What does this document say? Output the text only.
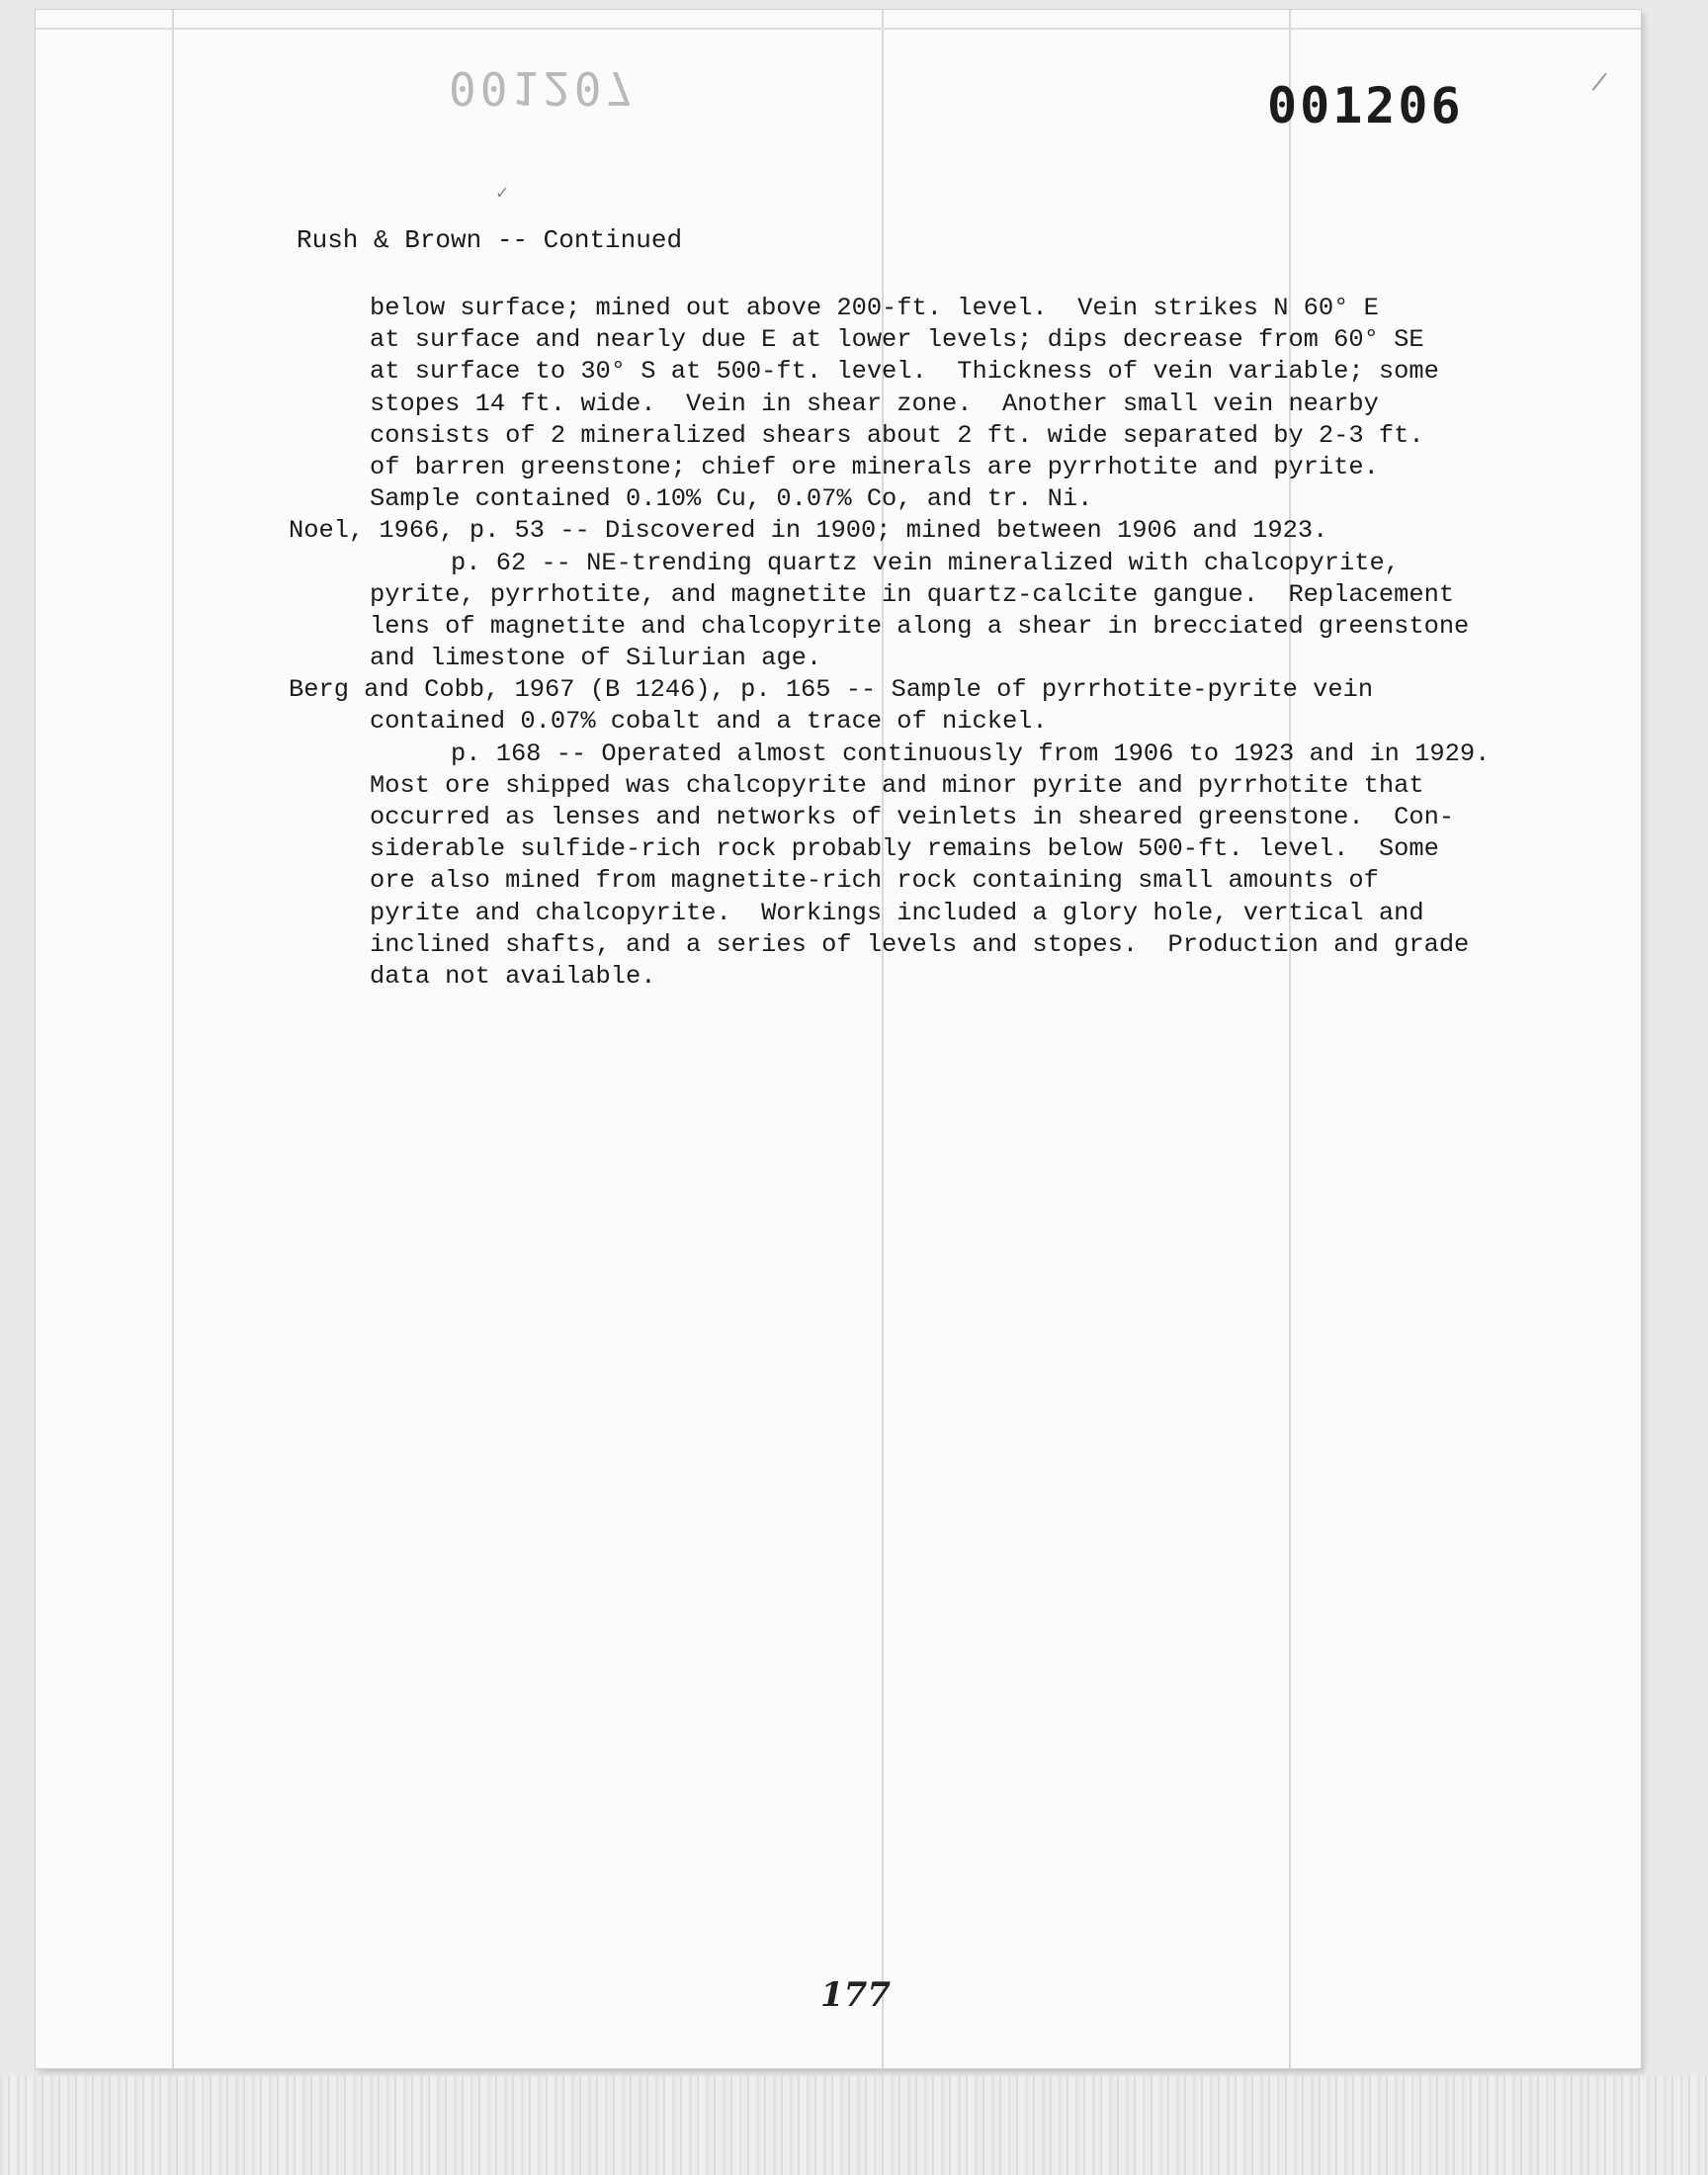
001207	001206
✓
/
Rush & Brown -- Continued
below surface; mined out above 200-ft. level.  Vein strikes N 60° E
at surface and nearly due E at lower levels; dips decrease from 60° SE
at surface to 30° S at 500-ft. level.  Thickness of vein variable; some
stopes 14 ft. wide.  Vein in shear zone.  Another small vein nearby
consists of 2 mineralized shears about 2 ft. wide separated by 2-3 ft.
of barren greenstone; chief ore minerals are pyrrhotite and pyrite.
Sample contained 0.10% Cu, 0.07% Co, and tr. Ni.
Noel, 1966, p. 53 -- Discovered in 1900; mined between 1906 and 1923.
p. 62 -- NE-trending quartz vein mineralized with chalcopyrite,
pyrite, pyrrhotite, and magnetite in quartz-calcite gangue.  Replacement
lens of magnetite and chalcopyrite along a shear in brecciated greenstone
and limestone of Silurian age.
Berg and Cobb, 1967 (B 1246), p. 165 -- Sample of pyrrhotite-pyrite vein
contained 0.07% cobalt and a trace of nickel.
p. 168 -- Operated almost continuously from 1906 to 1923 and in 1929.
Most ore shipped was chalcopyrite and minor pyrite and pyrrhotite that
occurred as lenses and networks of veinlets in sheared greenstone.  Con-
siderable sulfide-rich rock probably remains below 500-ft. level.  Some
ore also mined from magnetite-rich rock containing small amounts of
pyrite and chalcopyrite.  Workings included a glory hole, vertical and
inclined shafts, and a series of levels and stopes.  Production and grade
data not available.
177
